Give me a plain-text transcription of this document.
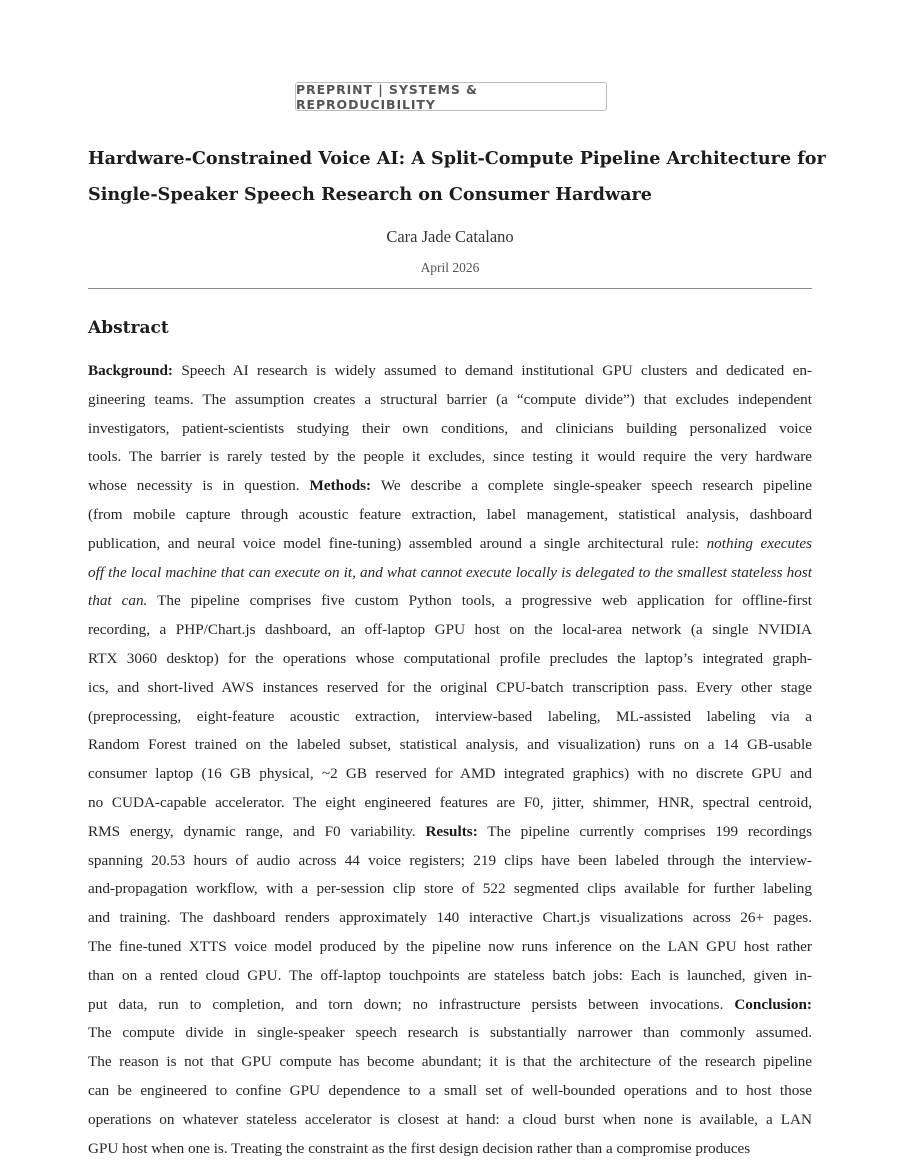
PREPRINT | SYSTEMS & REPRODUCIBILITY
Hardware-Constrained Voice AI: A Split-Compute Pipeline Architecture for
Single-Speaker Speech Research on Consumer Hardware
Cara Jade Catalano
April 2026
Abstract
Background: Speech AI research is widely assumed to demand institutional GPU clusters and dedicated en-
gineering teams. The assumption creates a structural barrier (a “compute divide”) that excludes independent
investigators, patient-scientists studying their own conditions, and clinicians building personalized voice
tools. The barrier is rarely tested by the people it excludes, since testing it would require the very hardware
whose necessity is in question. Methods: We describe a complete single-speaker speech research pipeline
(from mobile capture through acoustic feature extraction, label management, statistical analysis, dashboard
publication, and neural voice model fine-tuning) assembled around a single architectural rule: nothing executes
off the local machine that can execute on it, and what cannot execute locally is delegated to the smallest stateless host
that can. The pipeline comprises five custom Python tools, a progressive web application for offline-first
recording, a PHP/Chart.js dashboard, an off-laptop GPU host on the local-area network (a single NVIDIA
RTX 3060 desktop) for the operations whose computational profile precludes the laptop’s integrated graph-
ics, and short-lived AWS instances reserved for the original CPU-batch transcription pass. Every other stage
(preprocessing, eight-feature acoustic extraction, interview-based labeling, ML-assisted labeling via a
Random Forest trained on the labeled subset, statistical analysis, and visualization) runs on a 14 GB-usable
consumer laptop (16 GB physical, ~2 GB reserved for AMD integrated graphics) with no discrete GPU and
no CUDA-capable accelerator. The eight engineered features are F0, jitter, shimmer, HNR, spectral centroid,
RMS energy, dynamic range, and F0 variability. Results: The pipeline currently comprises 199 recordings
spanning 20.53 hours of audio across 44 voice registers; 219 clips have been labeled through the interview-
and-propagation workflow, with a per-session clip store of 522 segmented clips available for further labeling
and training. The dashboard renders approximately 140 interactive Chart.js visualizations across 26+ pages.
The fine-tuned XTTS voice model produced by the pipeline now runs inference on the LAN GPU host rather
than on a rented cloud GPU. The off-laptop touchpoints are stateless batch jobs: Each is launched, given in-
put data, run to completion, and torn down; no infrastructure persists between invocations. Conclusion:
The compute divide in single-speaker speech research is substantially narrower than commonly assumed.
The reason is not that GPU compute has become abundant; it is that the architecture of the research pipeline
can be engineered to confine GPU dependence to a small set of well-bounded operations and to host those
operations on whatever stateless accelerator is closest at hand: a cloud burst when none is available, a LAN
GPU host when one is. Treating the constraint as the first design decision rather than a compromise produces
